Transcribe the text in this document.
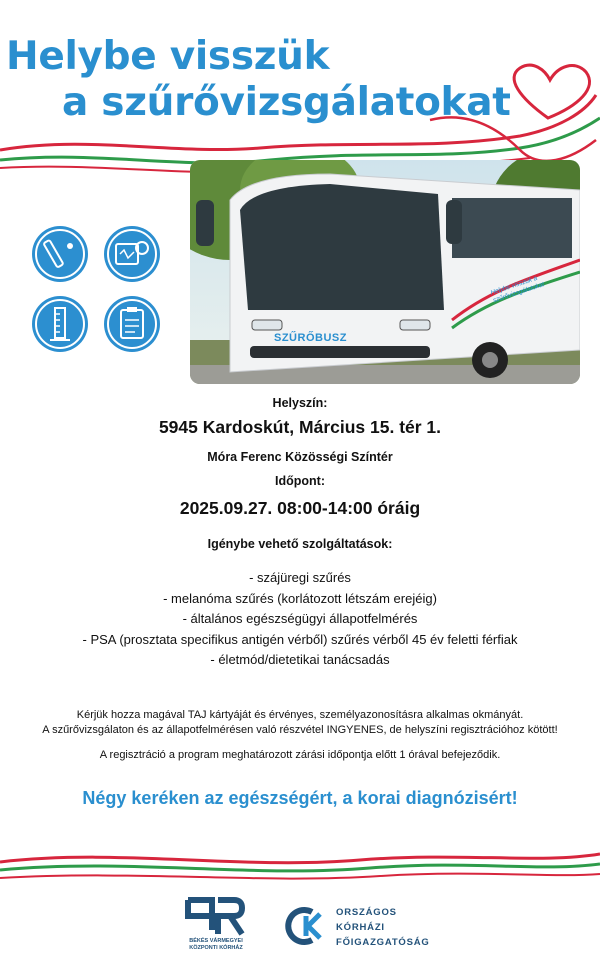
Helybe visszük
a szűrővizsgálatokat
SZŰRŐBUSZ
Helybe visszük a szűrővizsgálatokat
Helyszín:
5945 Kardoskút, Március 15. tér 1.
Móra Ferenc Közösségi Színtér
Időpont:
2025.09.27. 08:00-14:00 óráig
Igénybe vehető szolgáltatások:
- szájüregi szűrés
- melanóma szűrés (korlátozott létszám erejéig)
- általános egészségügyi állapotfelmérés
- PSA (prosztata specifikus antigén vérből) szűrés vérből 45 év feletti férfiak
- életmód/dietetikai tanácsadás
Kérjük hozza magával TAJ kártyáját és érvényes, személyazonosításra alkalmas okmányát.
A szűrővizsgálaton és az állapotfelmérésen való részvétel INGYENES, de helyszíni regisztrációhoz kötött!
A regisztráció a program meghatározott zárási időpontja előtt 1 órával befejeződik.
Négy keréken az egészségért, a korai diagnózisért!
BÉKÉS VÁRMEGYEI
KÖZPONTI KÓRHÁZ
ORSZÁGOS
KÓRHÁZI
FŐIGAZGATÓSÁG
